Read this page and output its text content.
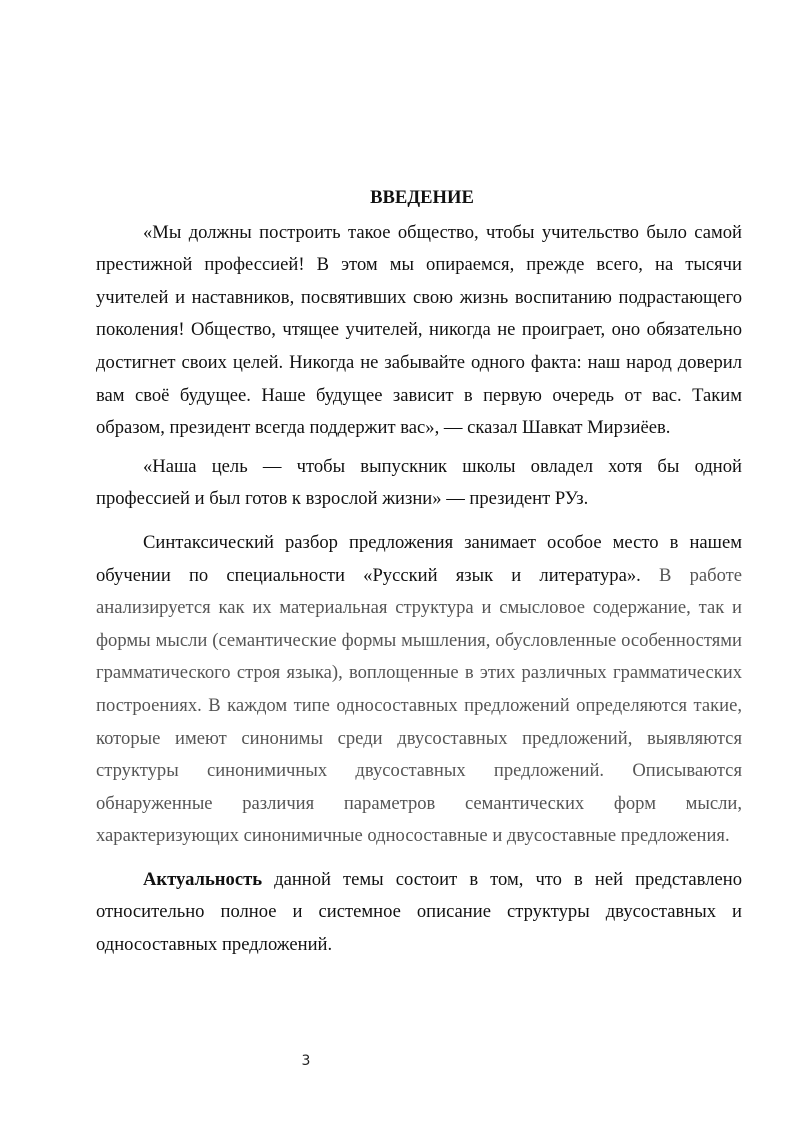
ВВЕДЕНИЕ

«Мы должны построить такое общество, чтобы учительство было самой престижной профессией! В этом мы опираемся, прежде всего, на тысячи учителей и наставников, посвятивших свою жизнь воспитанию подрастающего поколения! Общество, чтящее учителей, никогда не проиграет, оно обязательно достигнет своих целей. Никогда не забывайте одного факта: наш народ доверил вам своё будущее. Наше будущее зависит в первую очередь от вас. Таким образом, президент всегда поддержит вас», — сказал Шавкат Мирзиёев.

«Наша цель — чтобы выпускник школы овладел хотя бы одной профессией и был готов к взрослой жизни» — президент РУз.

Синтаксический разбор предложения занимает особое место в нашем обучении по специальности «Русский язык и литература». В работе анализируется как их материальная структура и смысловое содержание, так и формы мысли (семантические формы мышления, обусловленные особенностями грамматического строя языка), воплощенные в этих различных грамматических построениях. В каждом типе односоставных предложений определяются такие, которые имеют синонимы среди двусоставных предложений, выявляются структуры синонимичных двусоставных предложений. Описываются обнаруженные различия параметров семантических форм мысли, характеризующих синонимичные односоставные и двусоставные предложения.

Актуальность данной темы состоит в том, что в ней представлено относительно полное и системное описание структуры двусоставных и односоставных предложений.

3
